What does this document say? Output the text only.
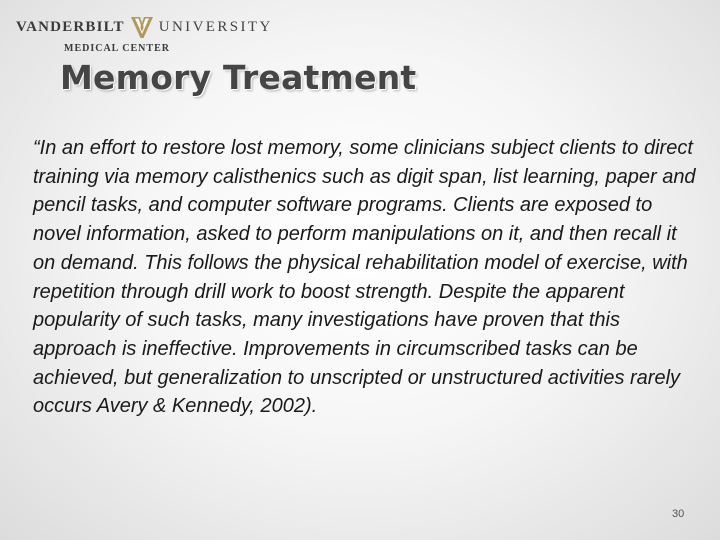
VANDERBILT UNIVERSITY
MEDICAL CENTER
Memory Treatment

“In an effort to restore lost memory, some clinicians subject clients to direct training via memory calisthenics such as digit span, list learning, paper and pencil tasks, and computer software programs. Clients are exposed to novel information, asked to perform manipulations on it, and then recall it on demand. This follows the physical rehabilitation model of exercise, with repetition through drill work to boost strength. Despite the apparent popularity of such tasks, many investigations have proven that this approach is ineffective. Improvements in circumscribed tasks can be achieved, but generalization to unscripted or unstructured activities rarely occurs Avery & Kennedy, 2002).

30
